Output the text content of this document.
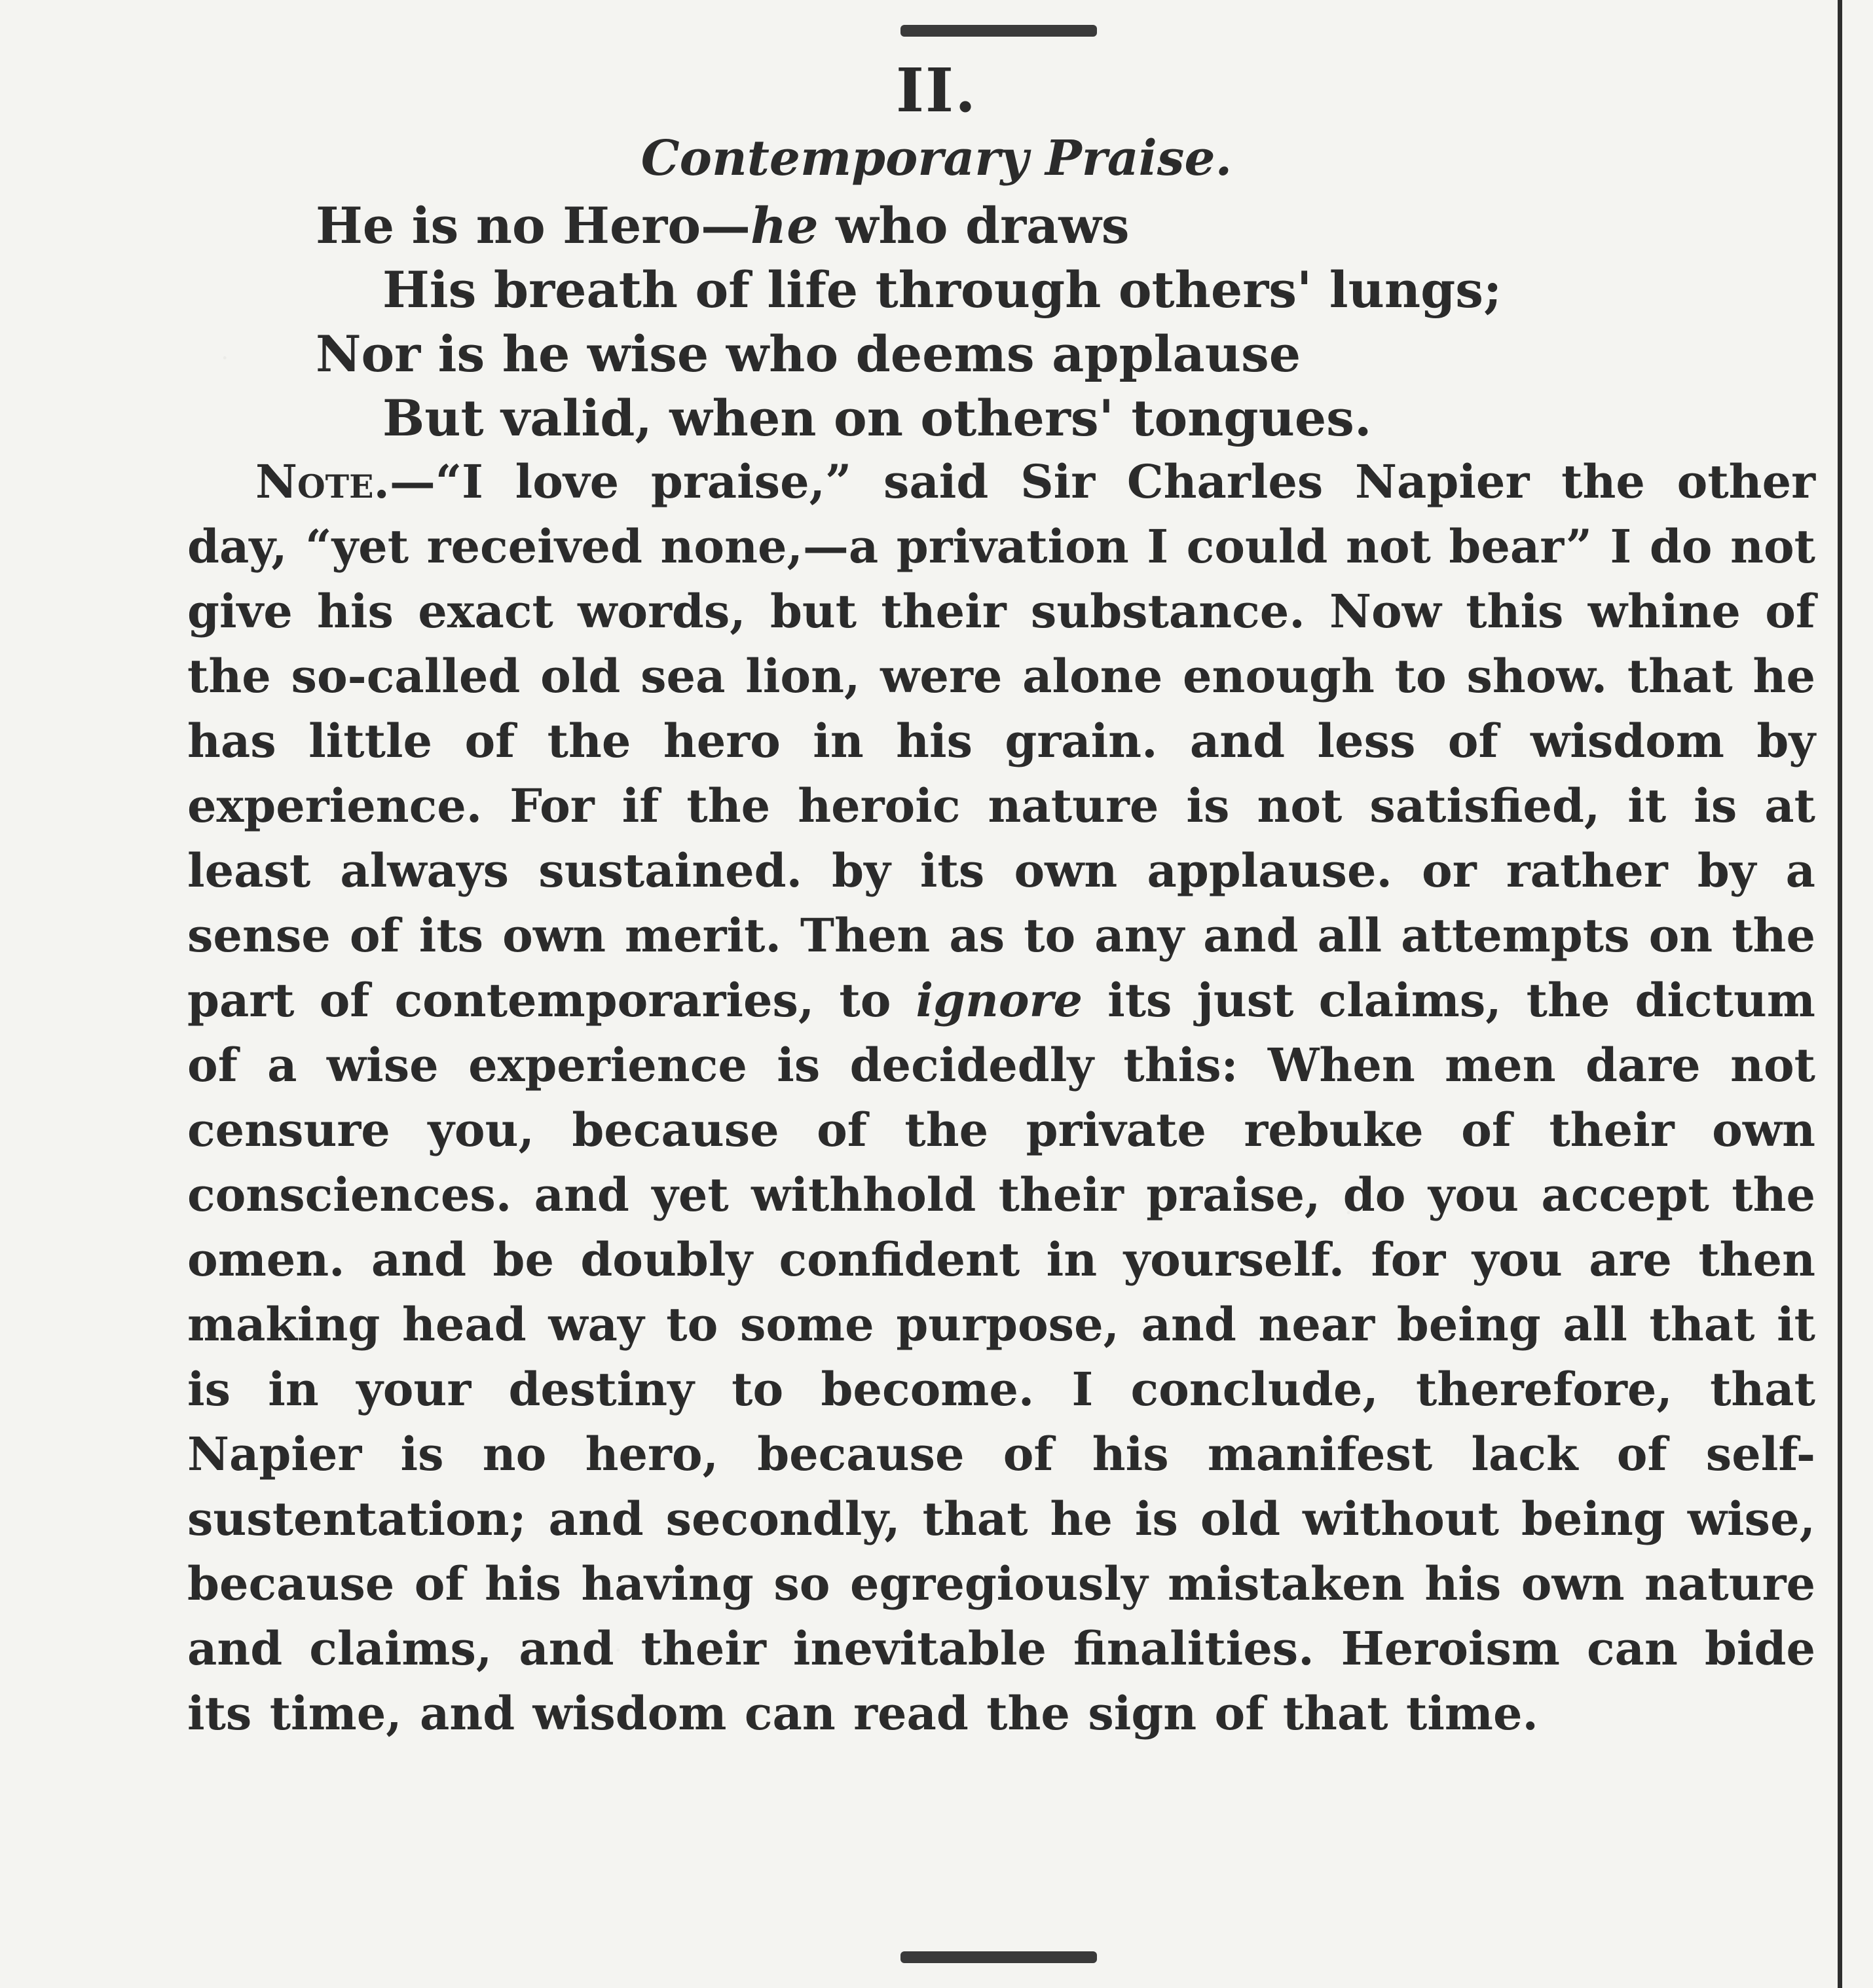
II.
Contemporary Praise.
He is no Hero—he who draws
His breath of life through others' lungs;
Nor is he wise who deems applause
But valid, when on others' tongues.
Note.—“I love praise,” said Sir Charles Napier the other day, “yet received none,—a privation I could not bear” I do not give his exact words, but their substance. Now this whine of the so-called old sea lion, were alone enough to show. that he has little of the hero in his grain. and less of wisdom by experience. For if the heroic nature is not satisfied, it is at least always sustained. by its own applause. or rather by a sense of its own merit. Then as to any and all attempts on the part of contemporaries, to ignore its just claims, the dictum of a wise experience is decidedly this: When men dare not censure you, because of the private rebuke of their own consciences. and yet withhold their praise, do you accept the omen. and be doubly confident in yourself. for you are then making head way to some purpose, and near being all that it is in your destiny to become. I conclude, therefore, that Napier is no hero, because of his manifest lack of self-sustentation; and secondly, that he is old without being wise, because of his having so egregiously mistaken his own nature and claims, and their inevitable finalities. Heroism can bide its time, and wisdom can read the sign of that time.
